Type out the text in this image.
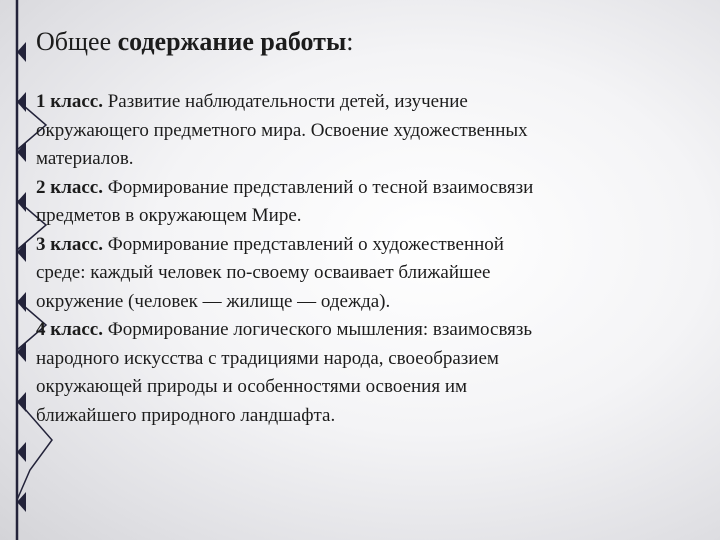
Общее содержание работы:
1 класс. Развитие наблюдательности детей, изучение
окружающего предметного мира. Освоение художественных
материалов.
2 класс. Формирование представлений о тесной взаимосвязи
предметов в окружающем Мире.
3 класс. Формирование представлений о художественной
среде: каждый человек по-своему осваивает ближайшее
окружение (человек — жилище — одежда).
4 класс. Формирование логического мышления: взаимосвязь
народного искусства с традициями народа, своеобразием
окружающей природы и особенностями освоения им
ближайшего природного ландшафта.
